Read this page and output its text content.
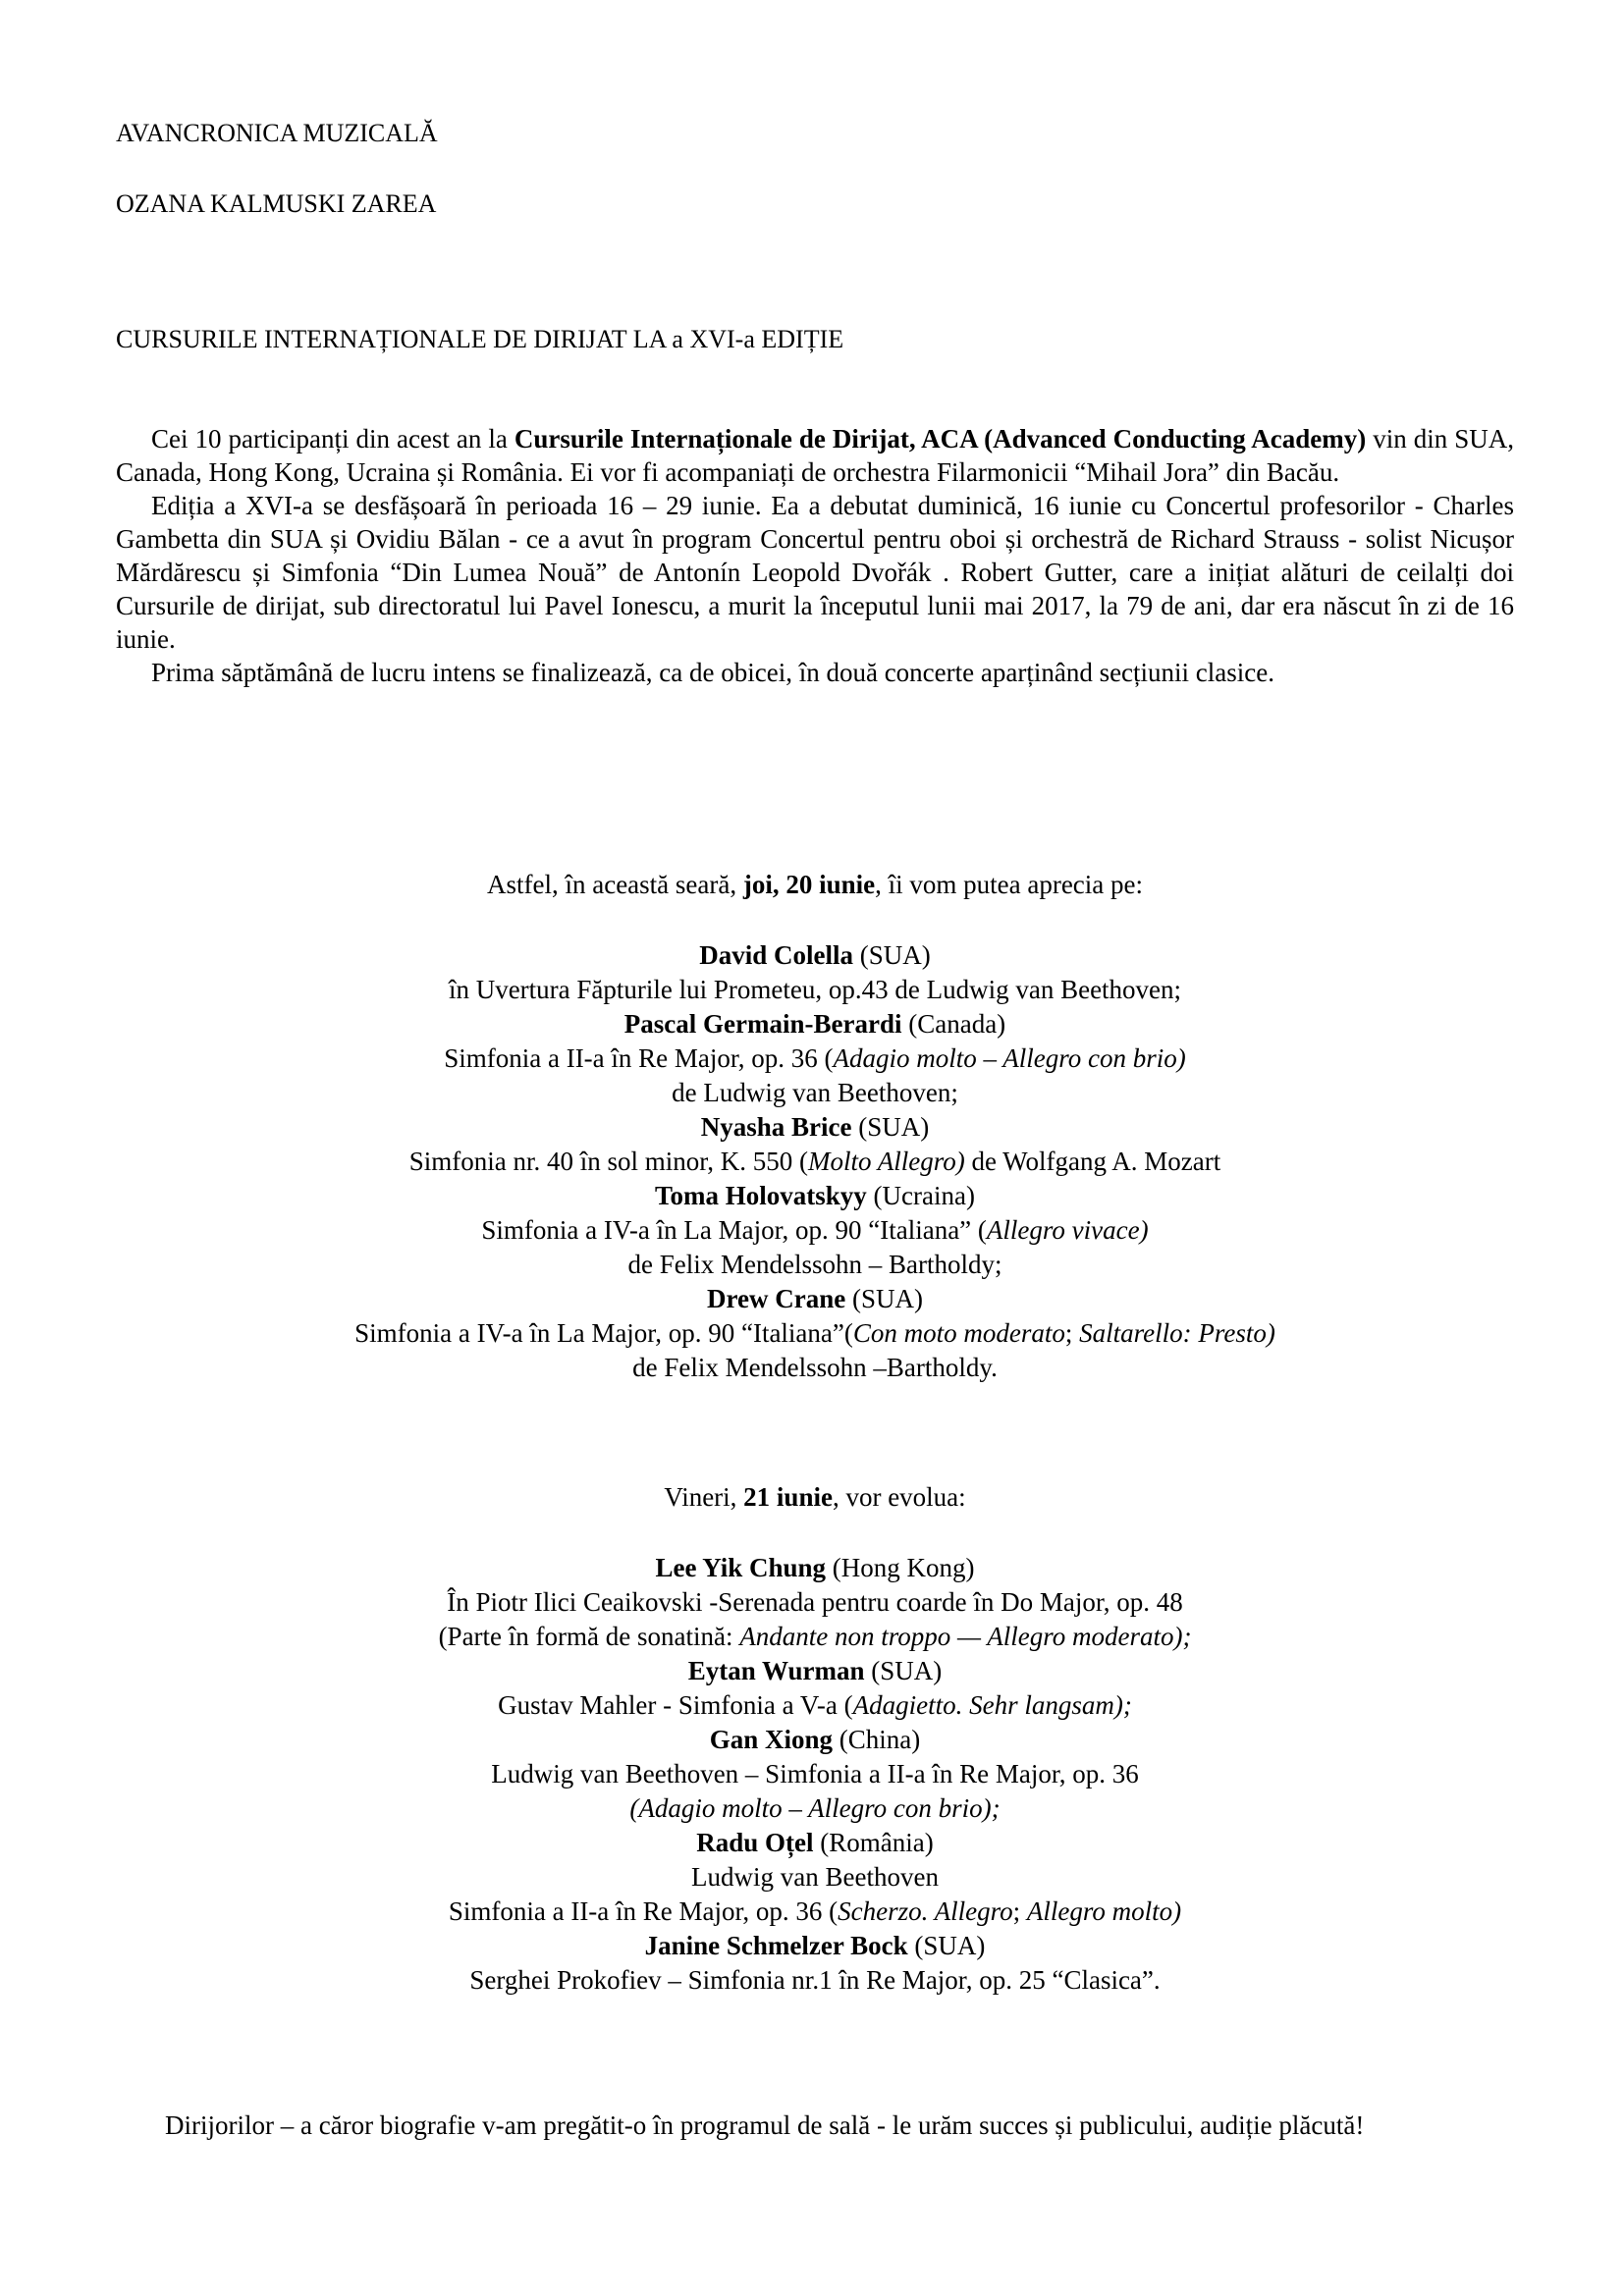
AVANCRONICA MUZICALĂ
OZANA KALMUSKI ZAREA
CURSURILE INTERNAȚIONALE DE DIRIJAT LA a XVI-a EDIȚIE

Cei 10 participanți din acest an la Cursurile Internaționale de Dirijat, ACA (Advanced Conducting Academy) vin din SUA, Canada, Hong Kong, Ucraina și România. Ei vor fi acompaniați de orchestra Filarmonicii “Mihail Jora” din Bacău.

Ediția a XVI-a se desfășoară în perioada 16 – 29 iunie. Ea a debutat duminică, 16 iunie cu Concertul profesorilor - Charles Gambetta din SUA și Ovidiu Bălan - ce a avut în program Concertul pentru oboi și orchestră de Richard Strauss - solist Nicușor Mărdărescu și Simfonia “Din Lumea Nouă” de Antonín Leopold Dvořák . Robert Gutter, care a inițiat alături de ceilalți doi Cursurile de dirijat, sub directoratul lui Pavel Ionescu, a murit la începutul lunii mai 2017, la 79 de ani, dar era născut în zi de 16 iunie.

Prima săptămână de lucru intens se finalizează, ca de obicei, în două concerte aparținând secțiunii clasice.

Astfel, în această seară, joi, 20 iunie, îi vom putea aprecia pe:
David Colella (SUA)
în Uvertura Făpturile lui Prometeu, op.43 de Ludwig van Beethoven;
Pascal Germain-Berardi (Canada)
Simfonia a II-a în Re Major, op. 36 (Adagio molto – Allegro con brio)
de Ludwig van Beethoven;
Nyasha Brice (SUA)
Simfonia nr. 40 în sol minor, K. 550 (Molto Allegro) de Wolfgang A. Mozart
Toma Holovatskyy (Ucraina)
Simfonia a IV-a în La Major, op. 90 “Italiana” (Allegro vivace)
de Felix Mendelssohn – Bartholdy;
Drew Crane (SUA)
Simfonia a IV-a în La Major, op. 90 “Italiana”(Con moto moderato; Saltarello: Presto)
de Felix Mendelssohn –Bartholdy.
Vineri, 21 iunie, vor evolua:
Lee Yik Chung (Hong Kong)
În Piotr Ilici Ceaikovski -Serenada pentru coarde în Do Major, op. 48
(Parte în formă de sonatină: Andante non troppo — Allegro moderato);
Eytan Wurman (SUA)
Gustav Mahler - Simfonia a V-a (Adagietto. Sehr langsam);
Gan Xiong (China)
Ludwig van Beethoven – Simfonia a II-a în Re Major, op. 36
(Adagio molto – Allegro con brio);
Radu Oțel (România)
Ludwig van Beethoven
Simfonia a II-a în Re Major, op. 36 (Scherzo. Allegro; Allegro molto)
Janine Schmelzer Bock (SUA)
Serghei Prokofiev – Simfonia nr.1 în Re Major, op. 25 “Clasica”.

Dirijorilor – a căror biografie v-am pregătit-o în programul de sală - le urăm succes și publicului, audiție plăcută!
